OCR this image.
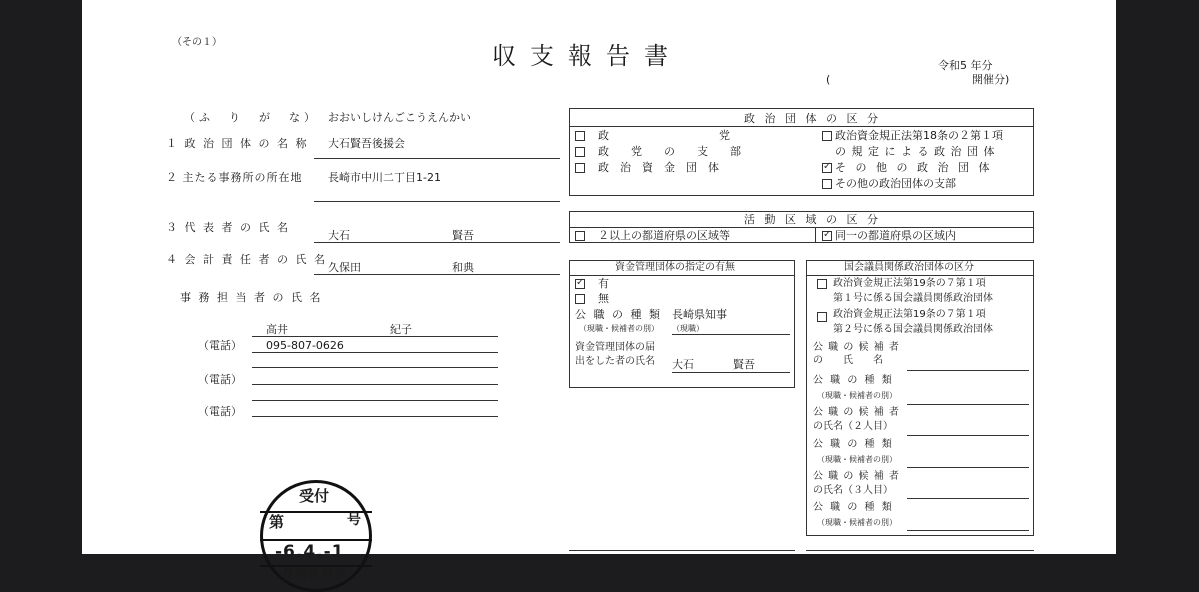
（その１）	収支報告書	令和5 年分
(	開催分)
（ふ　り　が　な） おおいしけんごこうえんかい
１ 政 治 団 体 の 名 称 大石賢吾後援会
２ 主たる事務所の所在地 長崎市中川二丁目1-21
３ 代 表 者 の 氏 名
大石	賢吾
４ 会 計 責 任 者 の 氏 名
久保田	和典
事 務 担 当 者 の 氏 名
高井	紀子
（電話） 095-807-0626
（電話）
（電話）
政 治 団 体 の 区 分
政　　　　　　　　　　党
政　　党　　の　　支　　部
政　治　資　金　団　体
政治資金規正法第18条の２第１項
の 規 定 に よ る 政 治 団 体
✓
そ の 他 の 政 治 団 体
その他の政治団体の支部
活 動 区 域 の 区 分
２以上の都道府県の区域等
✓	同一の都道府県の区域内
資金管理団体の指定の有無
✓
有
無
公 職 の 種 類 長崎県知事
（現職・候補者の別） （現職）
資金管理団体の届
出をした者の氏名 大石	賢吾
国会議員関係政治団体の区分
政治資金規正法第19条の７第１項
第１号に係る国会議員関係政治団体
政治資金規正法第19条の７第１項
第２号に係る国会議員関係政治団体
公 職 の 候 補 者
の　　氏　　名
公 職 の 種 類
（現職・候補者の別）
公 職 の 候 補 者
の氏名（２人目）
公 職 の 種 類
（現職・候補者の別）
公 職 の 候 補 者
の氏名（３人目）
公 職 の 種 類
（現職・候補者の別）
受付
第	号
-6.4.-1
長崎県選挙
